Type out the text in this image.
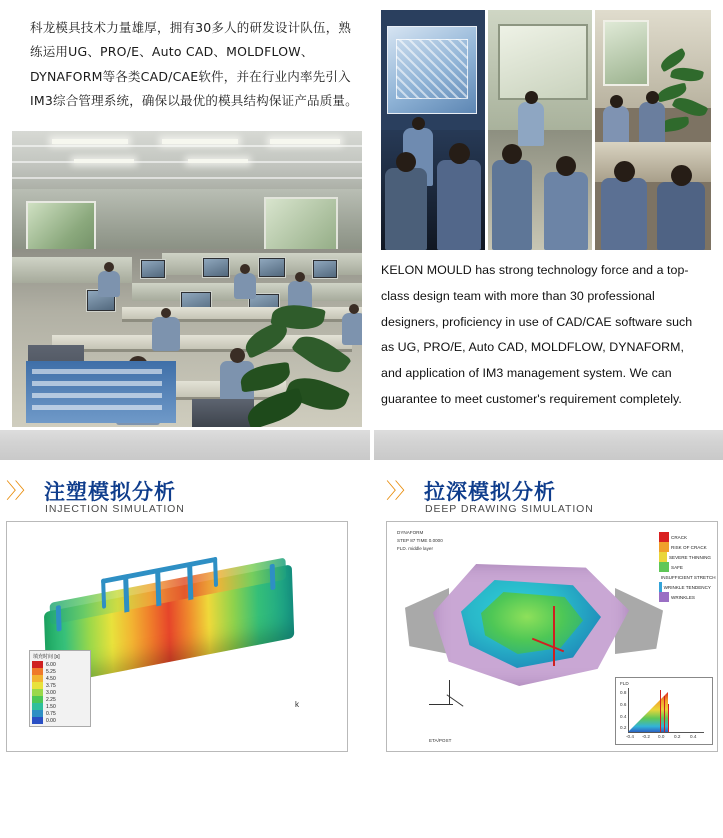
科龙模具技术力量雄厚，拥有30多人的研发设计队伍，熟练运用UG、PRO/E、Auto CAD、MOLDFLOW、DYNAFORM等各类CAD/CAE软件，并在行业内率先引入IM3综合管理系统，确保以最优的模具结构保证产品质量。
KELON MOULD has strong technology force and a top-class design team with more than 30 professional designers, proficiency in use of CAD/CAE software such as UG, PRO/E, Auto CAD, MOLDFLOW, DYNAFORM, and application of IM3 management system. We can guarantee to meet customer's requirement completely.
〉〉 注塑模拟分析
INJECTION SIMULATION
〉〉 拉深模拟分析
DEEP DRAWING SIMULATION
填充时间 [s]
6.00
5.25
4.50
3.75
3.00
2.25
1.50
0.75
0.00
k
DYNAFORM
STEP 87 TIME 0.0000
FLD. middle layer
CRACK
RISK OF CRACK
SEVERE THINNING
SAFE
INSUFFICIENT STRETCH
WRINKLE TENDENCY
WRINKLES
FLD
0.8
0.6
0.4
0.2
-0.4 -0.2 0.0 0.2 0.4
ETA/POST
